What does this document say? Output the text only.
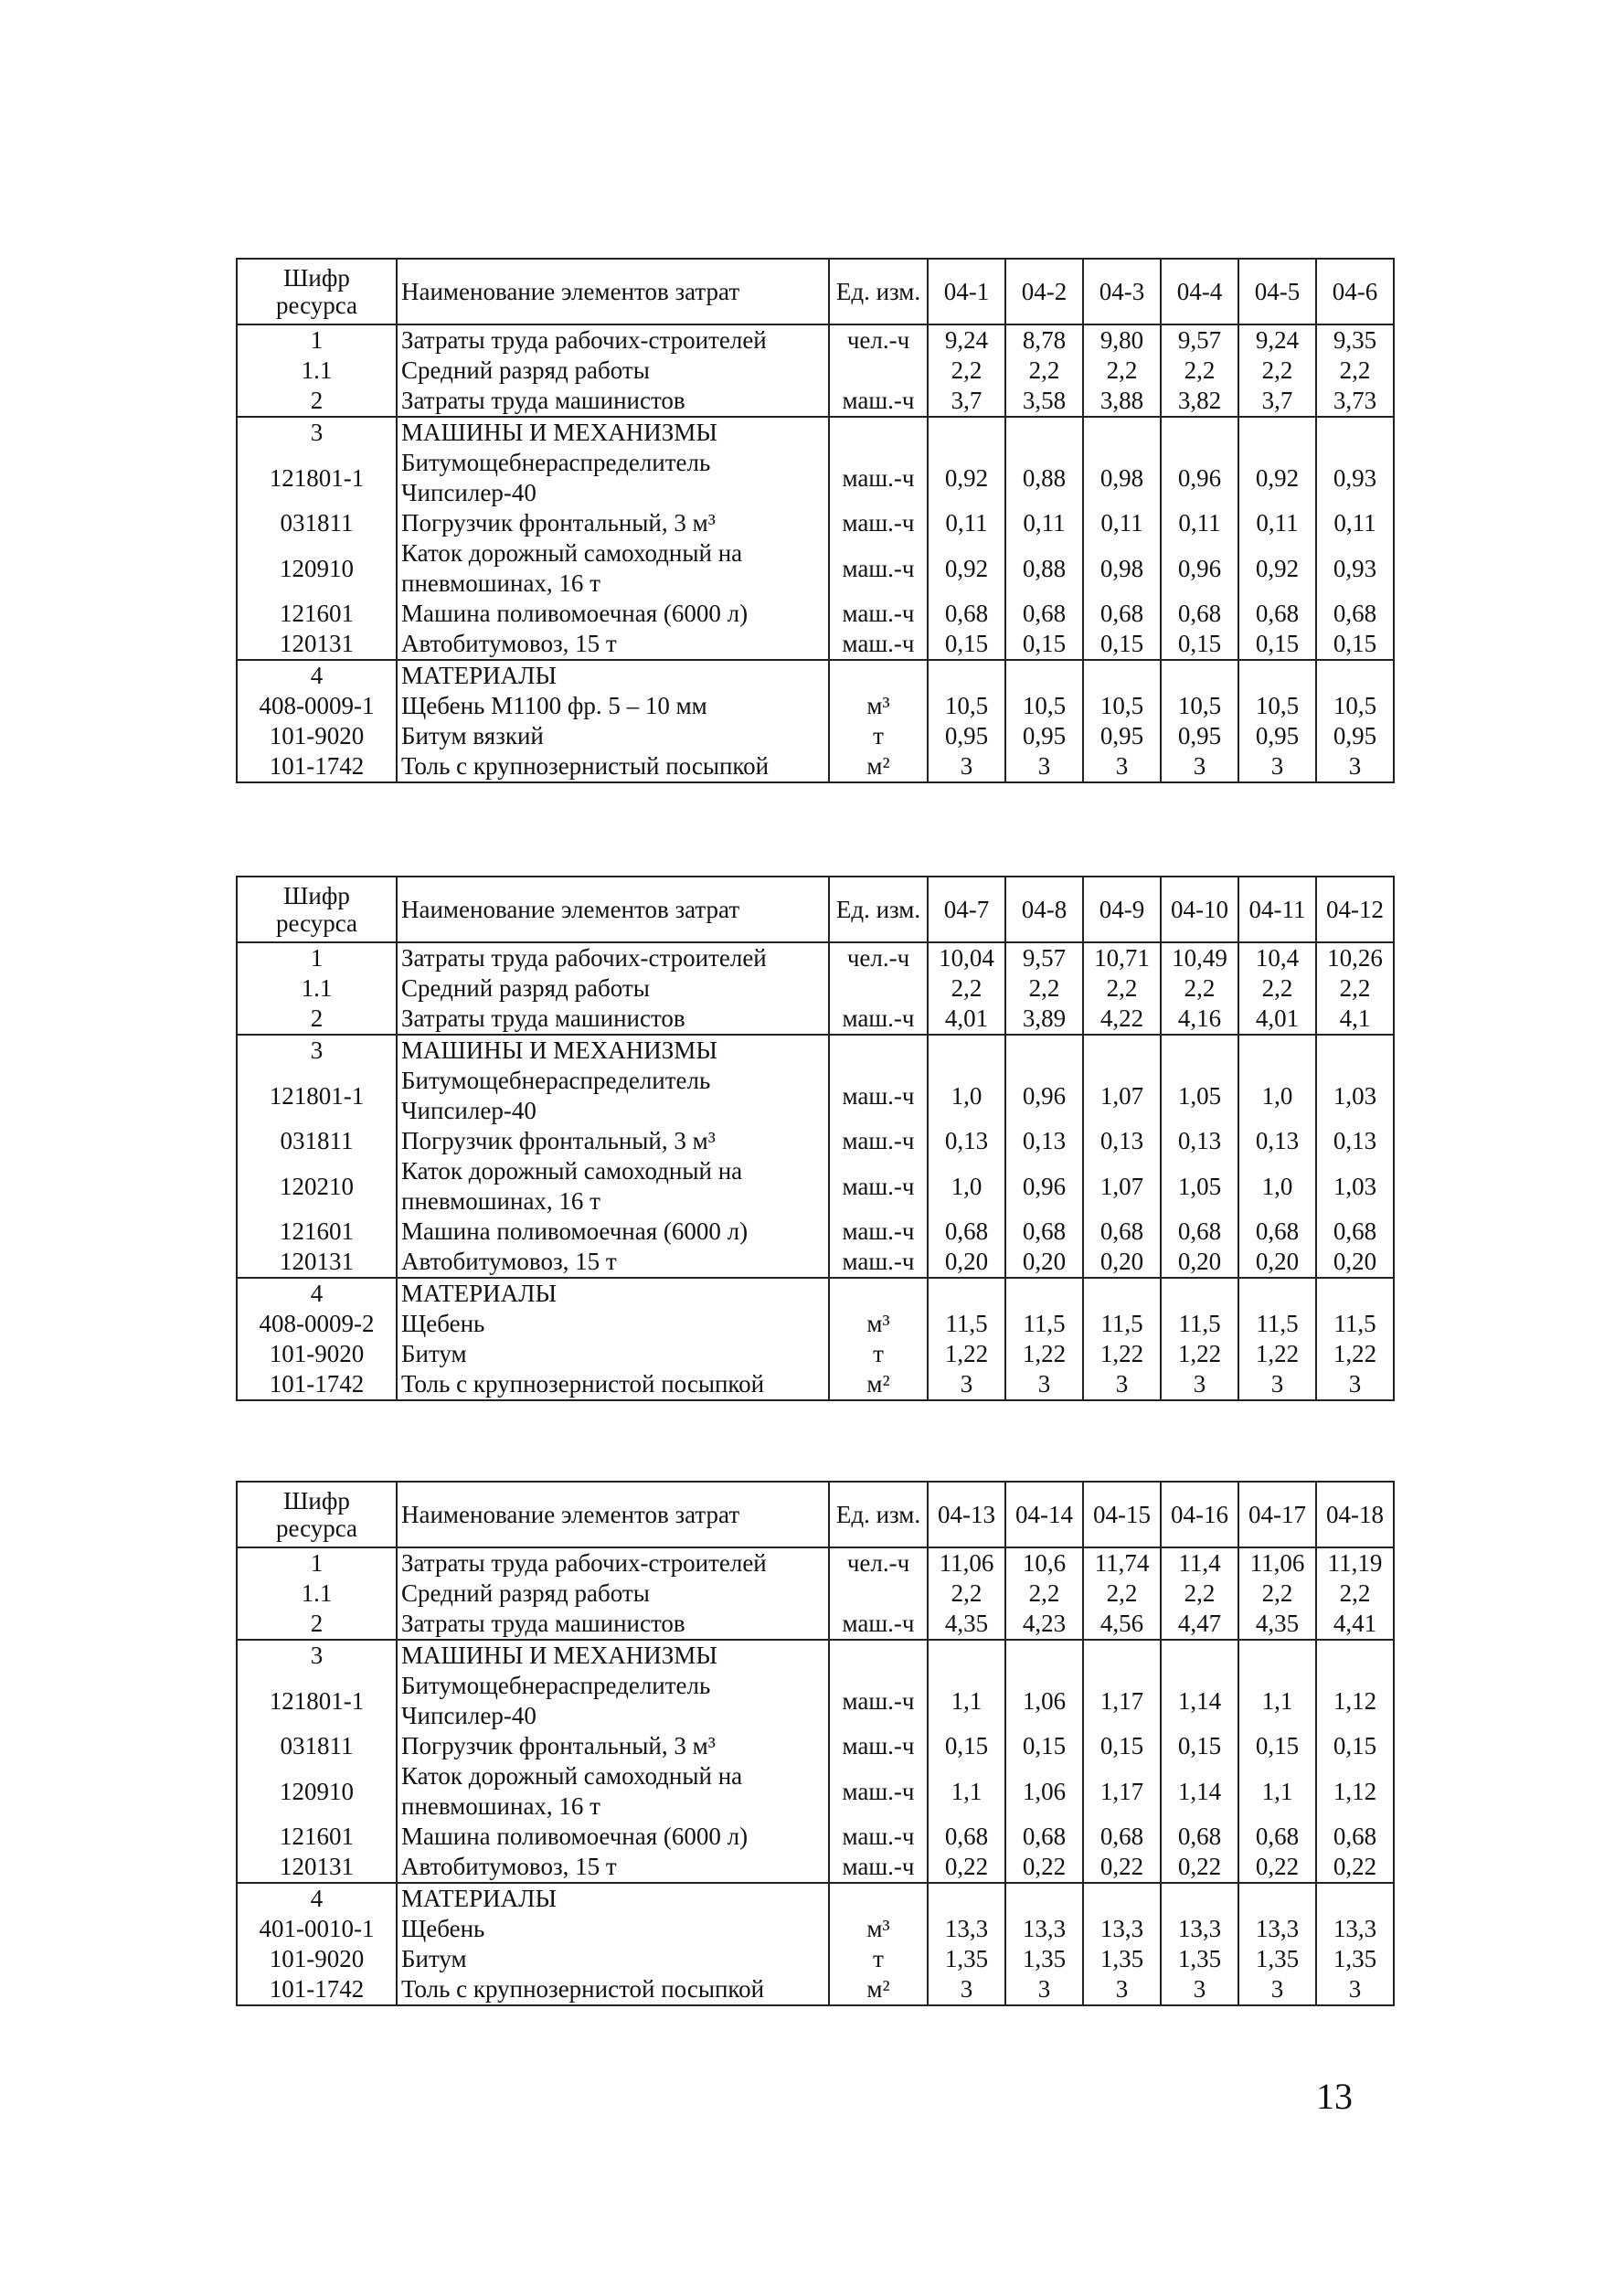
Шифр ресурса	Наименование элементов затрат	Ед. изм.	04-1	04-2	04-3	04-4	04-5	04-6
1	Затраты труда рабочих-строителей	чел.-ч	9,24	8,78	9,80	9,57	9,24	9,35
1.1	Средний разряд работы		2,2	2,2	2,2	2,2	2,2	2,2
2	Затраты труда машинистов	маш.-ч	3,7	3,58	3,88	3,82	3,7	3,73
3	МАШИНЫ И МЕХАНИЗМЫ							
121801-1	Битумощебнераспределитель Чипсилер-40	маш.-ч	0,92	0,88	0,98	0,96	0,92	0,93
031811	Погрузчик фронтальный, 3 м³	маш.-ч	0,11	0,11	0,11	0,11	0,11	0,11
120910	Каток дорожный самоходный на пневмошинах, 16 т	маш.-ч	0,92	0,88	0,98	0,96	0,92	0,93
121601	Машина поливомоечная (6000 л)	маш.-ч	0,68	0,68	0,68	0,68	0,68	0,68
120131	Автобитумовоз, 15 т	маш.-ч	0,15	0,15	0,15	0,15	0,15	0,15
4	МАТЕРИАЛЫ							
408-0009-1	Щебень М1100 фр. 5 – 10 мм	м³	10,5	10,5	10,5	10,5	10,5	10,5
101-9020	Битум вязкий	т	0,95	0,95	0,95	0,95	0,95	0,95
101-1742	Толь с крупнозернистый посыпкой	м²	3	3	3	3	3	3
Шифр ресурса	Наименование элементов затрат	Ед. изм.	04-7	04-8	04-9	04-10	04-11	04-12
1	Затраты труда рабочих-строителей	чел.-ч	10,04	9,57	10,71	10,49	10,4	10,26
1.1	Средний разряд работы		2,2	2,2	2,2	2,2	2,2	2,2
2	Затраты труда машинистов	маш.-ч	4,01	3,89	4,22	4,16	4,01	4,1
3	МАШИНЫ И МЕХАНИЗМЫ							
121801-1	Битумощебнераспределитель Чипсилер-40	маш.-ч	1,0	0,96	1,07	1,05	1,0	1,03
031811	Погрузчик фронтальный, 3 м³	маш.-ч	0,13	0,13	0,13	0,13	0,13	0,13
120210	Каток дорожный самоходный на пневмошинах, 16 т	маш.-ч	1,0	0,96	1,07	1,05	1,0	1,03
121601	Машина поливомоечная (6000 л)	маш.-ч	0,68	0,68	0,68	0,68	0,68	0,68
120131	Автобитумовоз, 15 т	маш.-ч	0,20	0,20	0,20	0,20	0,20	0,20
4	МАТЕРИАЛЫ							
408-0009-2	Щебень	м³	11,5	11,5	11,5	11,5	11,5	11,5
101-9020	Битум	т	1,22	1,22	1,22	1,22	1,22	1,22
101-1742	Толь с крупнозернистой посыпкой	м²	3	3	3	3	3	3
Шифр ресурса	Наименование элементов затрат	Ед. изм.	04-13	04-14	04-15	04-16	04-17	04-18
1	Затраты труда рабочих-строителей	чел.-ч	11,06	10,6	11,74	11,4	11,06	11,19
1.1	Средний разряд работы		2,2	2,2	2,2	2,2	2,2	2,2
2	Затраты труда машинистов	маш.-ч	4,35	4,23	4,56	4,47	4,35	4,41
3	МАШИНЫ И МЕХАНИЗМЫ							
121801-1	Битумощебнераспределитель Чипсилер-40	маш.-ч	1,1	1,06	1,17	1,14	1,1	1,12
031811	Погрузчик фронтальный, 3 м³	маш.-ч	0,15	0,15	0,15	0,15	0,15	0,15
120910	Каток дорожный самоходный на пневмошинах, 16 т	маш.-ч	1,1	1,06	1,17	1,14	1,1	1,12
121601	Машина поливомоечная (6000 л)	маш.-ч	0,68	0,68	0,68	0,68	0,68	0,68
120131	Автобитумовоз, 15 т	маш.-ч	0,22	0,22	0,22	0,22	0,22	0,22
4	МАТЕРИАЛЫ							
401-0010-1	Щебень	м³	13,3	13,3	13,3	13,3	13,3	13,3
101-9020	Битум	т	1,35	1,35	1,35	1,35	1,35	1,35
101-1742	Толь с крупнозернистой посыпкой	м²	3	3	3	3	3	3
13
